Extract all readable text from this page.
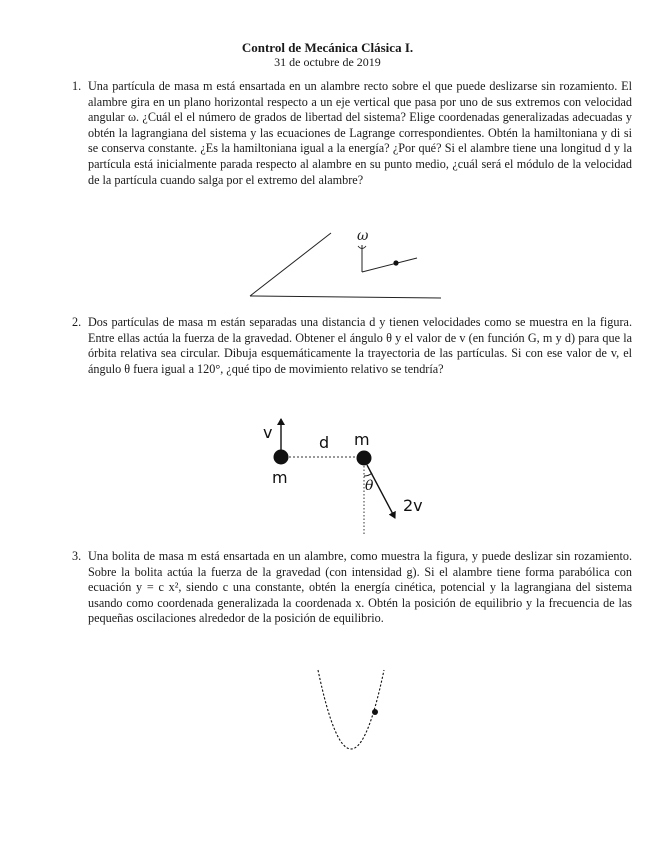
Control de Mecánica Clásica I.
31 de octubre de 2019
1. Una partícula de masa m está ensartada en un alambre recto sobre el que puede deslizarse sin rozamiento. El alambre gira en un plano horizontal respecto a un eje vertical que pasa por uno de sus extremos con velocidad angular ω. ¿Cuál el el número de grados de libertad del sistema? Elige coordenadas generalizadas adecuadas y obtén la lagrangiana del sistema y las ecuaciones de Lagrange correspondientes. Obtén la hamiltoniana y di si se conserva constante. ¿Es la hamiltoniana igual a la energía? ¿Por qué? Si el alambre tiene una longitud d y la partícula está inicialmente parada respecto al alambre en su punto medio, ¿cuál será el módulo de la velocidad de la partícula cuando salga por el extremo del alambre?
ω
2. Dos partículas de masa m están separadas una distancia d y tienen velocidades como se muestra en la figura. Entre ellas actúa la fuerza de la gravedad. Obtener el ángulo θ y el valor de v (en función G, m y d) para que la órbita relativa sea circular. Dibuja esquemáticamente la trayectoria de las partículas. Si con ese valor de v, el ángulo θ fuera igual a 120°, ¿qué tipo de movimiento relativo se tendría?
v
m
d m
θ
2v
3. Una bolita de masa m está ensartada en un alambre, como muestra la figura, y puede deslizar sin rozamiento. Sobre la bolita actúa la fuerza de la gravedad (con intensidad g). Si el alambre tiene forma parabólica con ecuación y = c x², siendo c una constante, obtén la energía cinética, potencial y la lagrangiana del sistema usando como coordenada generalizada la coordenada x. Obtén la posición de equilibrio y la frecuencia de las pequeñas oscilaciones alrededor de la posición de equilibrio.
